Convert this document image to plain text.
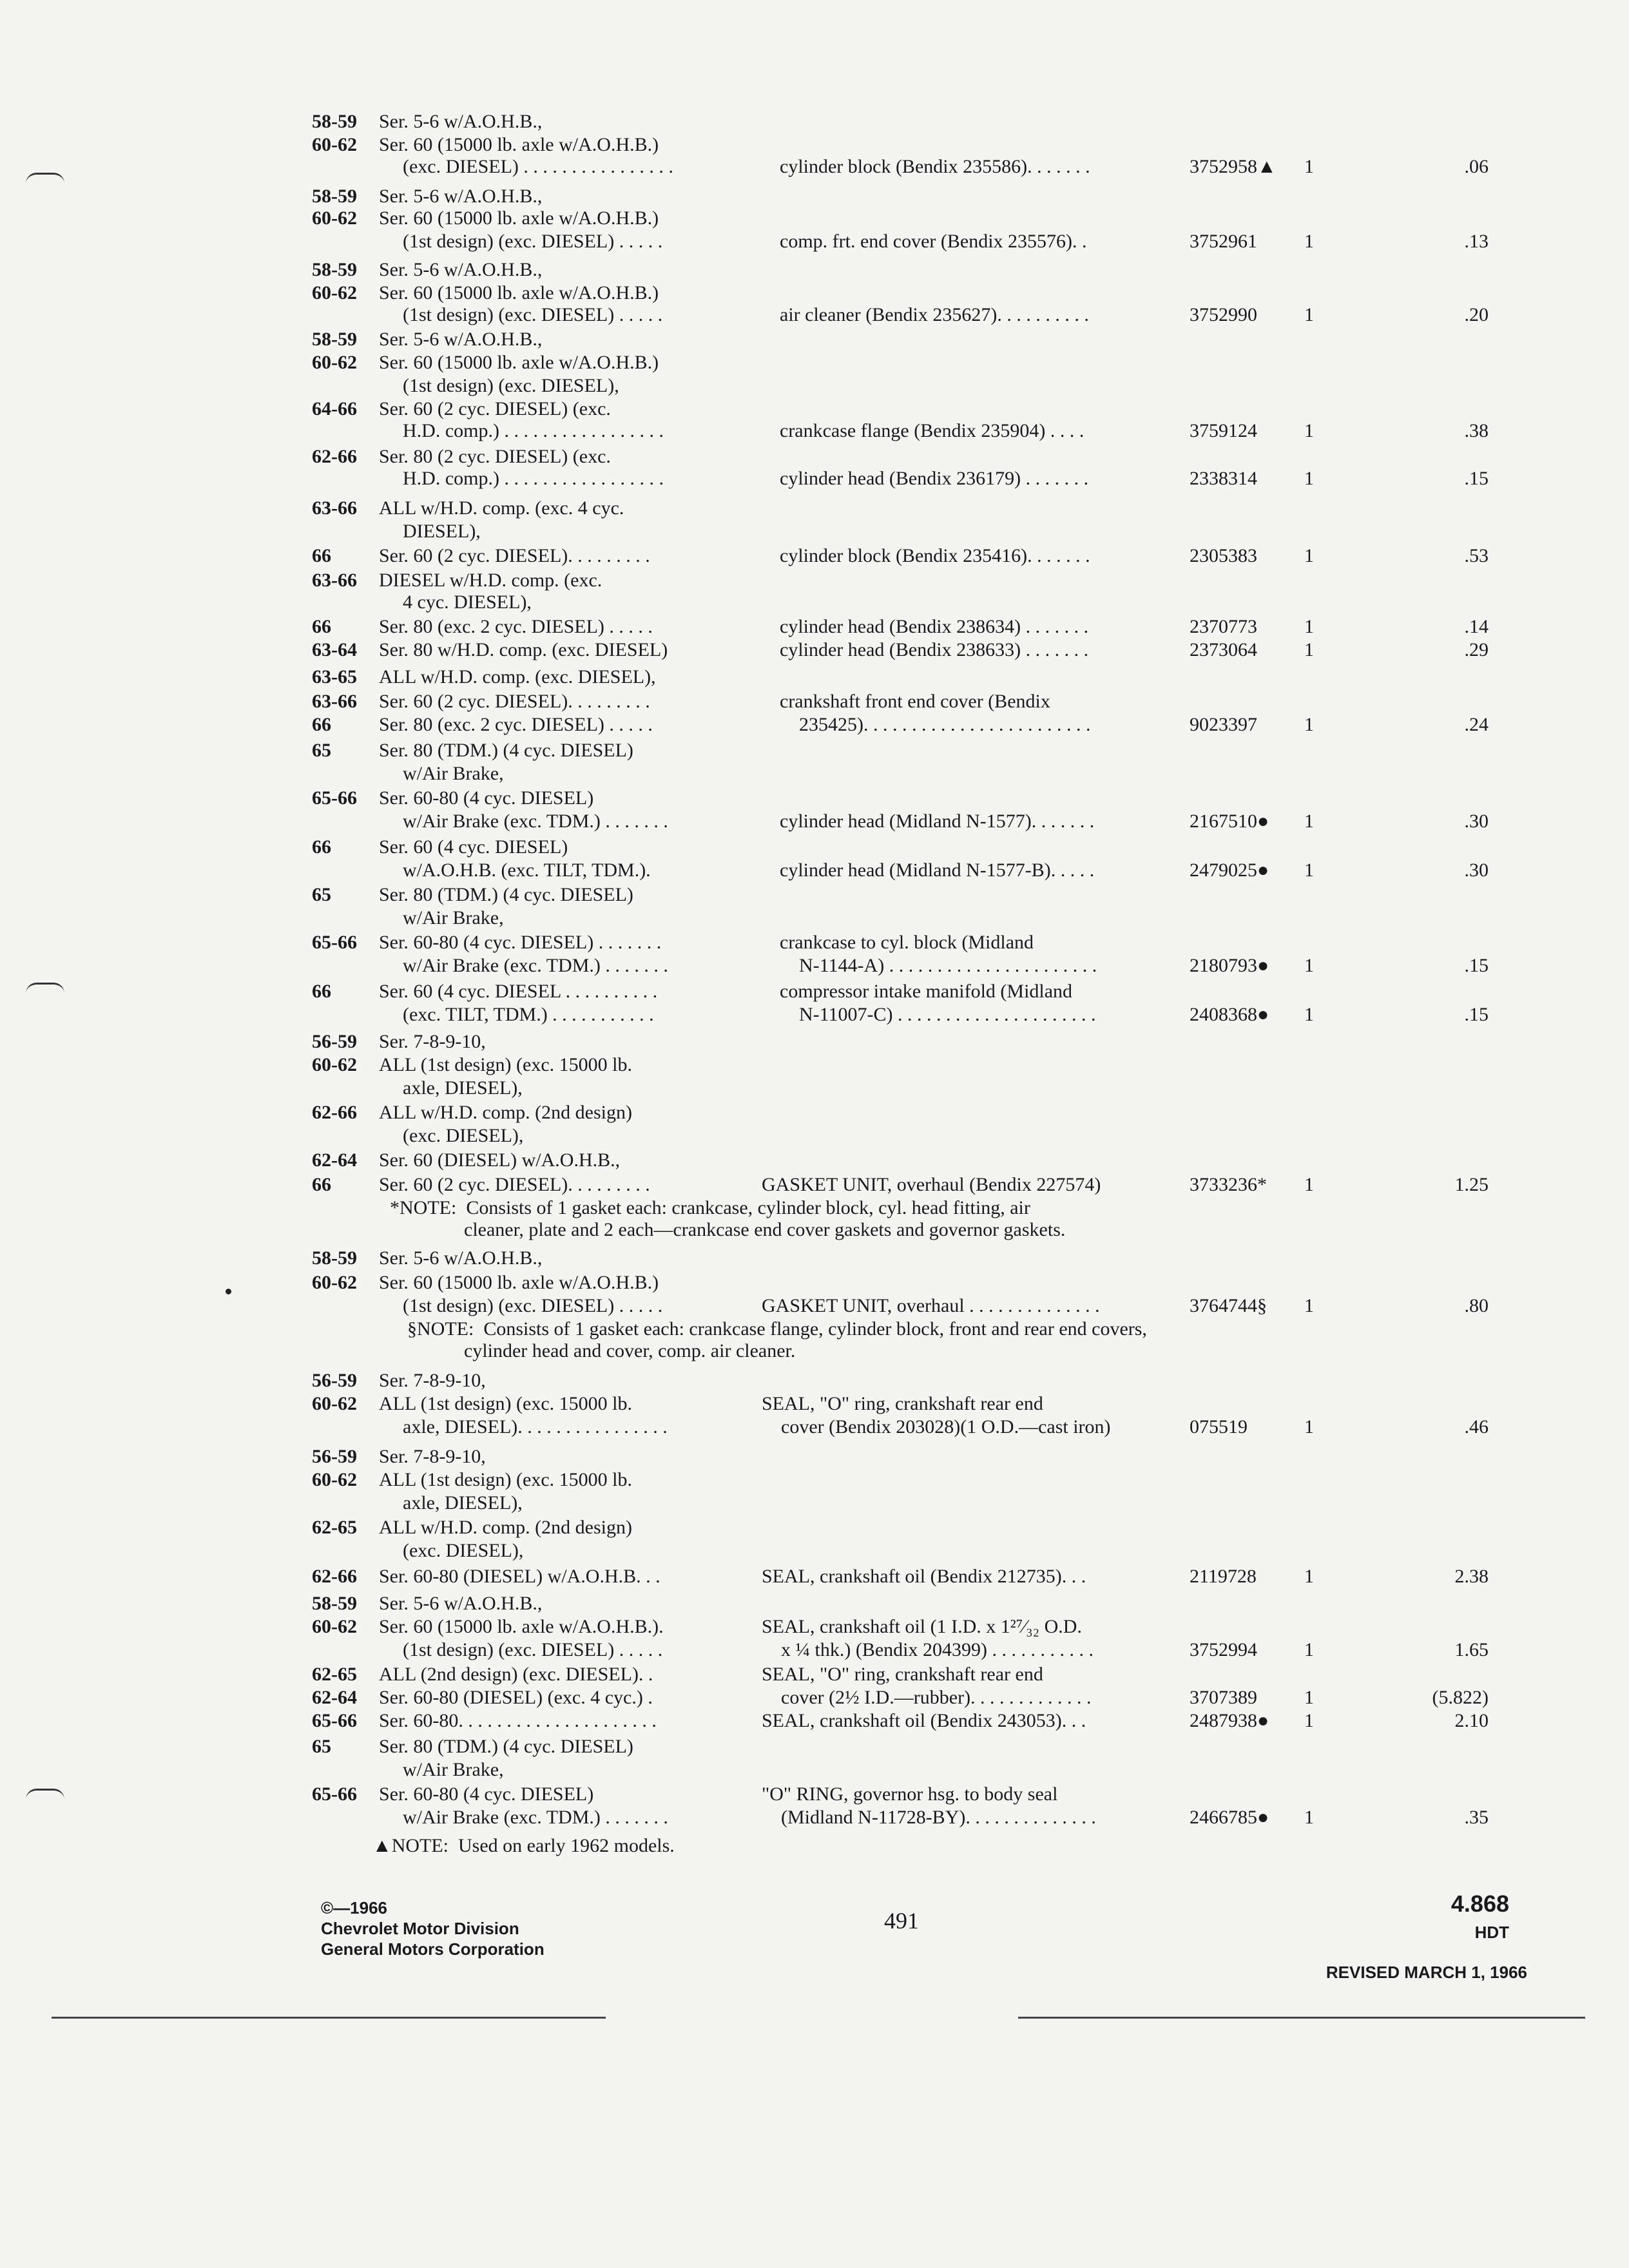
58-59 Ser. 5-6 w/A.O.H.B.,
60-62 Ser. 60 (15000 lb. axle w/A.O.H.B.)
(exc. DIESEL) . . . . . . . . . . . . . . . .	cylinder block (Bendix 235586). . . . . . .	3752958▲ 1	.06
58-59 Ser. 5-6 w/A.O.H.B.,
60-62 Ser. 60 (15000 lb. axle w/A.O.H.B.)
(1st design) (exc. DIESEL) . . . . .	comp. frt. end cover (Bendix 235576). .	3752961 1	.13
58-59 Ser. 5-6 w/A.O.H.B.,
60-62 Ser. 60 (15000 lb. axle w/A.O.H.B.)
(1st design) (exc. DIESEL) . . . . .	air cleaner (Bendix 235627). . . . . . . . . .	3752990 1	.20
58-59 Ser. 5-6 w/A.O.H.B.,
60-62 Ser. 60 (15000 lb. axle w/A.O.H.B.)
(1st design) (exc. DIESEL),
64-66 Ser. 60 (2 cyc. DIESEL) (exc.
H.D. comp.) . . . . . . . . . . . . . . . . .	crankcase flange (Bendix 235904) . . . .	3759124 1	.38
62-66 Ser. 80 (2 cyc. DIESEL) (exc.
H.D. comp.) . . . . . . . . . . . . . . . . .	cylinder head (Bendix 236179) . . . . . . .	2338314 1	.15
63-66 ALL w/H.D. comp. (exc. 4 cyc.
DIESEL),
66 Ser. 60 (2 cyc. DIESEL). . . . . . . . .	cylinder block (Bendix 235416). . . . . . .	2305383 1	.53
63-66 DIESEL w/H.D. comp. (exc.
4 cyc. DIESEL),
66 Ser. 80 (exc. 2 cyc. DIESEL) . . . . .	cylinder head (Bendix 238634) . . . . . . .	2370773 1	.14
63-64 Ser. 80 w/H.D. comp. (exc. DIESEL)	cylinder head (Bendix 238633) . . . . . . .	2373064 1	.29
63-65 ALL w/H.D. comp. (exc. DIESEL),
63-66 Ser. 60 (2 cyc. DIESEL). . . . . . . . .	crankshaft front end cover (Bendix
66 Ser. 80 (exc. 2 cyc. DIESEL) . . . . .	235425). . . . . . . . . . . . . . . . . . . . . . . .	9023397 1	.24
65 Ser. 80 (TDM.) (4 cyc. DIESEL)
w/Air Brake,
65-66 Ser. 60-80 (4 cyc. DIESEL)
w/Air Brake (exc. TDM.) . . . . . . .	cylinder head (Midland N-1577). . . . . . .	2167510● 1	.30
66 Ser. 60 (4 cyc. DIESEL)
w/A.O.H.B. (exc. TILT, TDM.).	cylinder head (Midland N-1577-B). . . . .	2479025● 1	.30
65 Ser. 80 (TDM.) (4 cyc. DIESEL)
w/Air Brake,
65-66 Ser. 60-80 (4 cyc. DIESEL) . . . . . . .	crankcase to cyl. block (Midland
w/Air Brake (exc. TDM.) . . . . . . .	N-1144-A) . . . . . . . . . . . . . . . . . . . . . .	2180793● 1	.15
66 Ser. 60 (4 cyc. DIESEL . . . . . . . . . .	compressor intake manifold (Midland
(exc. TILT, TDM.) . . . . . . . . . . .	N-11007-C) . . . . . . . . . . . . . . . . . . . . .	2408368● 1	.15
56-59 Ser. 7-8-9-10,
60-62 ALL (1st design) (exc. 15000 lb.
axle, DIESEL),
62-66 ALL w/H.D. comp. (2nd design)
(exc. DIESEL),
62-64 Ser. 60 (DIESEL) w/A.O.H.B.,
66 Ser. 60 (2 cyc. DIESEL). . . . . . . . .	GASKET UNIT, overhaul (Bendix 227574)	3733236* 1	1.25
*NOTE:  Consists of 1 gasket each: crankcase, cylinder block, cyl. head fitting, air
cleaner, plate and 2 each—crankcase end cover gaskets and governor gaskets.
58-59 Ser. 5-6 w/A.O.H.B.,
60-62 Ser. 60 (15000 lb. axle w/A.O.H.B.)
(1st design) (exc. DIESEL) . . . . .	GASKET UNIT, overhaul . . . . . . . . . . . . . .	3764744§ 1	.80
§NOTE:  Consists of 1 gasket each: crankcase flange, cylinder block, front and rear end covers,
cylinder head and cover, comp. air cleaner.
56-59 Ser. 7-8-9-10,
60-62 ALL (1st design) (exc. 15000 lb.	SEAL, "O" ring, crankshaft rear end
axle, DIESEL). . . . . . . . . . . . . . . .	cover (Bendix 203028)(1 O.D.—cast iron)	075519	1	.46
56-59 Ser. 7-8-9-10,
60-62 ALL (1st design) (exc. 15000 lb.
axle, DIESEL),
62-65 ALL w/H.D. comp. (2nd design)
(exc. DIESEL),
62-66 Ser. 60-80 (DIESEL) w/A.O.H.B. . .	SEAL, crankshaft oil (Bendix 212735). . .	2119728 1	2.38
58-59 Ser. 5-6 w/A.O.H.B.,
60-62 Ser. 60 (15000 lb. axle w/A.O.H.B.).	SEAL, crankshaft oil (1 I.D. x 1²⁷⁄₃₂ O.D.
(1st design) (exc. DIESEL) . . . . .	x ¼ thk.) (Bendix 204399) . . . . . . . . . . .	3752994 1	1.65
62-65 ALL (2nd design) (exc. DIESEL). .	SEAL, "O" ring, crankshaft rear end
62-64 Ser. 60-80 (DIESEL) (exc. 4 cyc.) .	cover (2½ I.D.—rubber). . . . . . . . . . . . .	3707389 1	(5.822)
65-66 Ser. 60-80. . . . . . . . . . . . . . . . . . . . .	SEAL, crankshaft oil (Bendix 243053). . .	2487938● 1	2.10
65 Ser. 80 (TDM.) (4 cyc. DIESEL)
w/Air Brake,
65-66 Ser. 60-80 (4 cyc. DIESEL)	"O" RING, governor hsg. to body seal
w/Air Brake (exc. TDM.) . . . . . . .	(Midland N-11728-BY). . . . . . . . . . . . . .	2466785● 1	.35
▲NOTE:  Used on early 1962 models.
©—1966
Chevrolet Motor Division
General Motors Corporation
491
4.868
HDT
REVISED MARCH 1, 1966
